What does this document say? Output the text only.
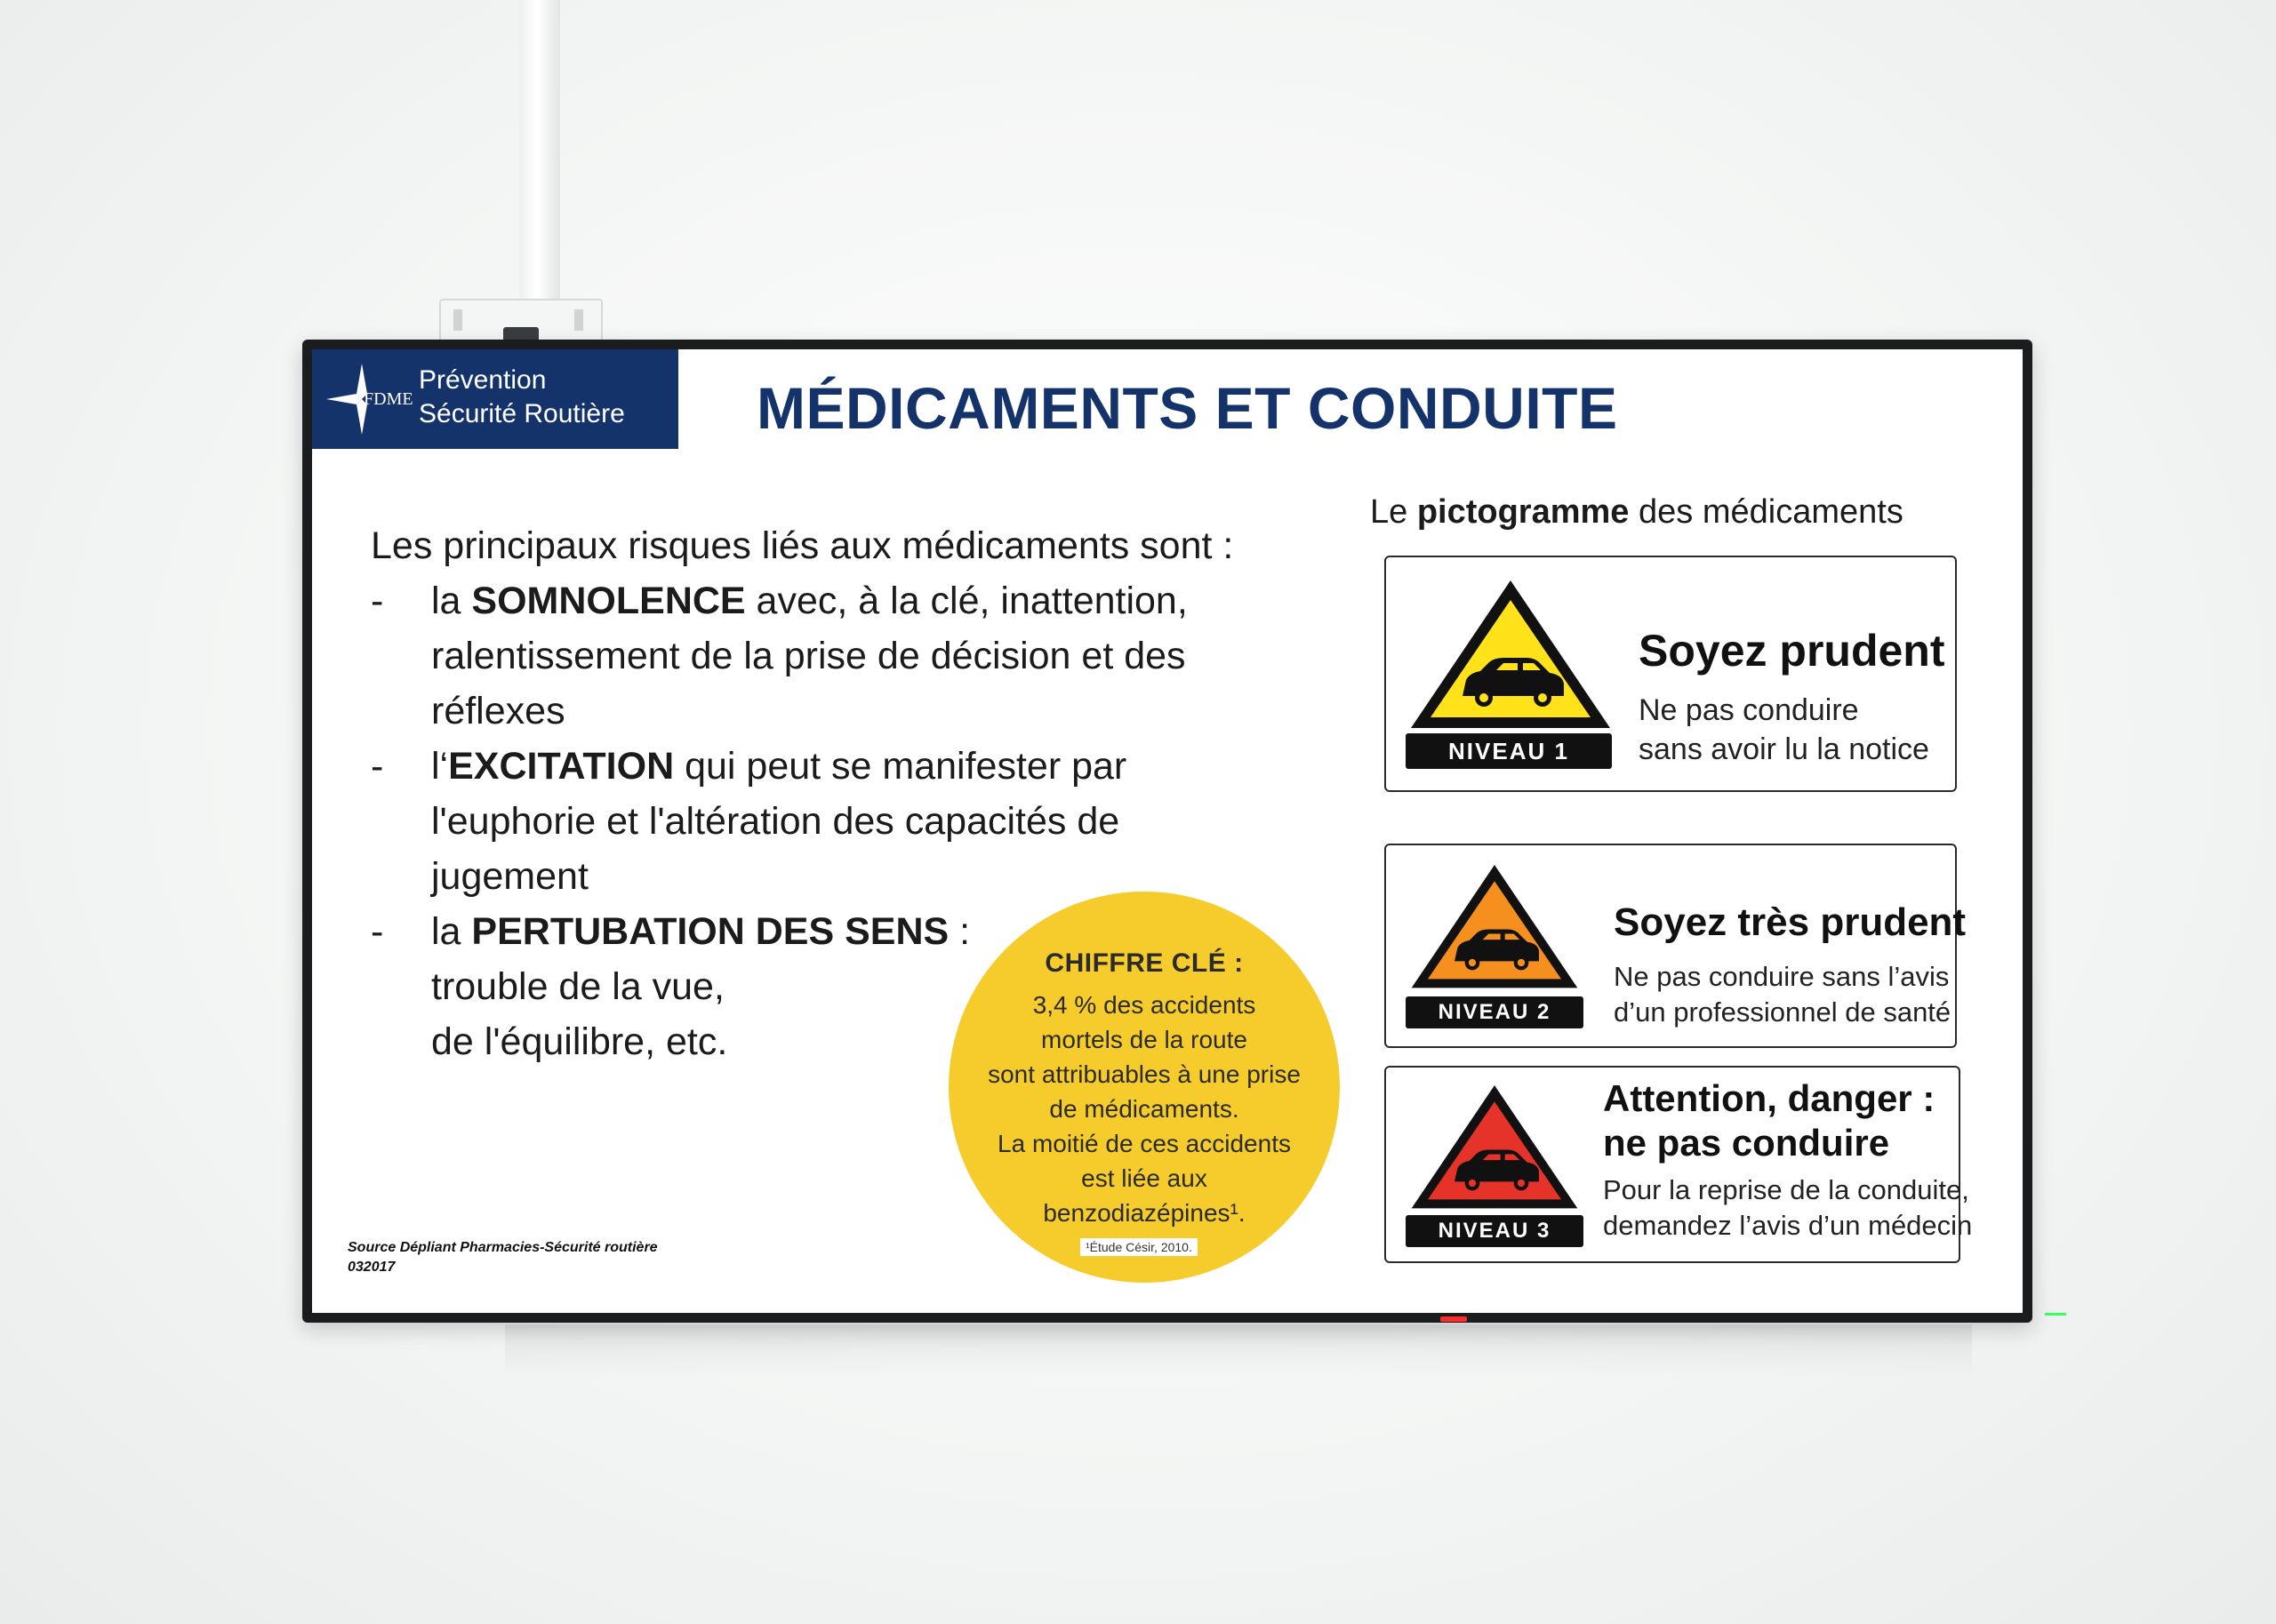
FDME
Prévention
Sécurité Routière MÉDICAMENTS ET CONDUITE
Les principaux risques liés aux médicaments sont :
- la SOMNOLENCE avec, à la clé, inattention, ralentissement de la prise de décision et des réflexes
- l‘EXCITATION qui peut se manifester par l'euphorie et l'altération des capacités de jugement
- la PERTUBATION DES SENS :
trouble de la vue,
de l'équilibre, etc.
Source Dépliant Pharmacies-Sécurité routière
032017
CHIFFRE CLÉ :
3,4 % des accidents
mortels de la route
sont attribuables à une prise
de médicaments.
La moitié de ces accidents
est liée aux
benzodiazépines¹.
¹Étude Césir, 2010.
Le pictogramme des médicaments
NIVEAU 1
Soyez prudent
Ne pas conduire
sans avoir lu la notice
NIVEAU 2
Soyez très prudent
Ne pas conduire sans l’avis
d’un professionnel de santé
NIVEAU 3
Attention, danger :
ne pas conduire
Pour la reprise de la conduite,
demandez l’avis d’un médecin
